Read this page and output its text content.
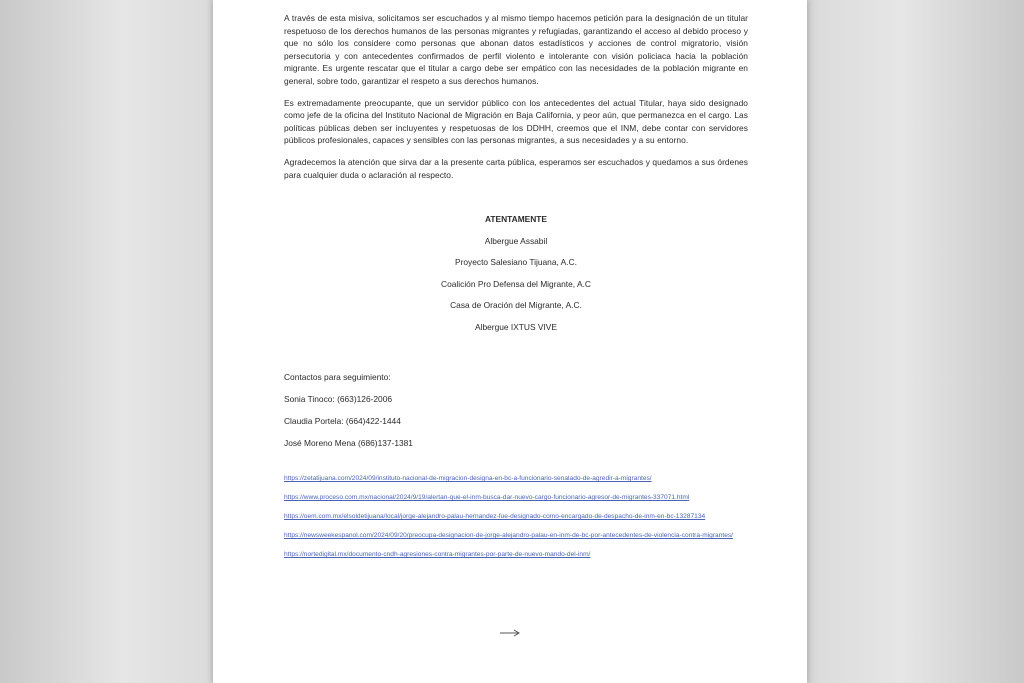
A través de esta misiva, solicitamos ser escuchados y al mismo tiempo hacemos petición para la designación de un titular respetuoso de los derechos humanos de las personas migrantes y refugiadas, garantizando el acceso al debido proceso y que no sólo los considere como personas que abonan datos estadísticos y acciones de control migratorio, visión persecutoria y con antecedentes confirmados de perfil violento e intolerante con visión policiaca hacia la población migrante. Es urgente rescatar que el titular a cargo debe ser empático con las necesidades de la población migrante en general, sobre todo, garantizar el respeto a sus derechos humanos.

Es extremadamente preocupante, que un servidor público con los antecedentes del actual Titular, haya sido designado como jefe de la oficina del Instituto Nacional de Migración en Baja California, y peor aún, que permanezca en el cargo. Las políticas públicas deben ser incluyentes y respetuosas de los DDHH, creemos que el INM, debe contar con servidores públicos profesionales, capaces y sensibles con las personas migrantes, a sus necesidades y a su entorno.

Agradecemos la atención que sirva dar a la presente carta pública, esperamos ser escuchados y quedamos a sus órdenes para cualquier duda o aclaración al respecto.

ATENTAMENTE
Albergue Assabil
Proyecto Salesiano Tijuana, A.C.
Coalición Pro Defensa del Migrante, A.C
Casa de Oración del Migrante, A.C.
Albergue IXTUS VIVE
Contactos para seguimiento:
Sonia Tinoco: (663)126-2006
Claudia Portela: (664)422-1444
José Moreno Mena (686)137-1381
https://zetatijuana.com/2024/09/instituto-nacional-de-migracion-designa-en-bc-a-funcionario-senalado-de-agredir-a-migrantes/
https://www.proceso.com.mx/nacional/2024/9/19/alertan-que-el-inm-busca-dar-nuevo-cargo-funcionario-agresor-de-migrantes-337071.html
https://oem.com.mx/elsoldetijuana/local/jorge-alejandro-palau-hernandez-fue-designado-como-encargado-de-despacho-de-inm-en-bc-13287134
https://newsweekespanol.com/2024/09/20/preocupa-designacion-de-jorge-alejandro-palau-en-inm-de-bc-por-antecedentes-de-violencia-contra-migrantes/
https://nortedigital.mx/documento-cndh-agresiones-contra-migrantes-por-parte-de-nuevo-mando-del-inm/
